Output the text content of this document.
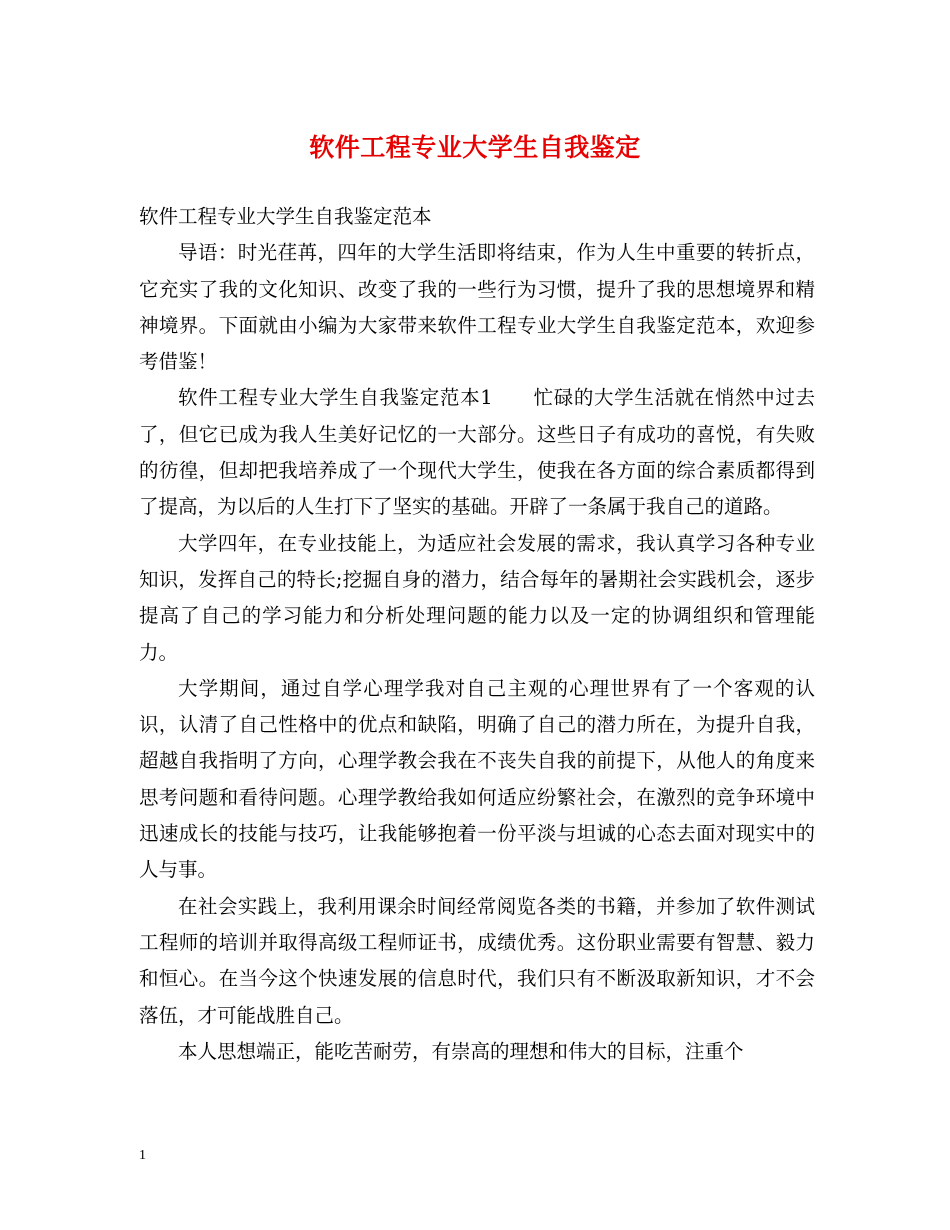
软件工程专业大学生自我鉴定

软件工程专业大学生自我鉴定范本

导语：时光荏苒，四年的大学生活即将结束，作为人生中重要的转折点，它充实了我的文化知识、改变了我的一些行为习惯，提升了我的思想境界和精神境界。下面就由小编为大家带来软件工程专业大学生自我鉴定范本，欢迎参考借鉴！

软件工程专业大学生自我鉴定范本1　　忙碌的大学生活就在悄然中过去了，但它已成为我人生美好记忆的一大部分。这些日子有成功的喜悦，有失败的彷徨，但却把我培养成了一个现代大学生，使我在各方面的综合素质都得到了提高，为以后的人生打下了坚实的基础。开辟了一条属于我自己的道路。

大学四年，在专业技能上，为适应社会发展的需求，我认真学习各种专业知识，发挥自己的特长;挖掘自身的潜力，结合每年的暑期社会实践机会，逐步提高了自己的学习能力和分析处理问题的能力以及一定的协调组织和管理能力。

大学期间，通过自学心理学我对自己主观的心理世界有了一个客观的认识，认清了自己性格中的优点和缺陷，明确了自己的潜力所在，为提升自我，超越自我指明了方向，心理学教会我在不丧失自我的前提下，从他人的角度来思考问题和看待问题。心理学教给我如何适应纷繁社会，在激烈的竞争环境中迅速成长的技能与技巧，让我能够抱着一份平淡与坦诚的心态去面对现实中的人与事。

在社会实践上，我利用课余时间经常阅览各类的书籍，并参加了软件测试工程师的培训并取得高级工程师证书，成绩优秀。这份职业需要有智慧、毅力和恒心。在当今这个快速发展的信息时代，我们只有不断汲取新知识，才不会落伍，才可能战胜自己。

本人思想端正，能吃苦耐劳，有崇高的理想和伟大的目标，注重个

1
